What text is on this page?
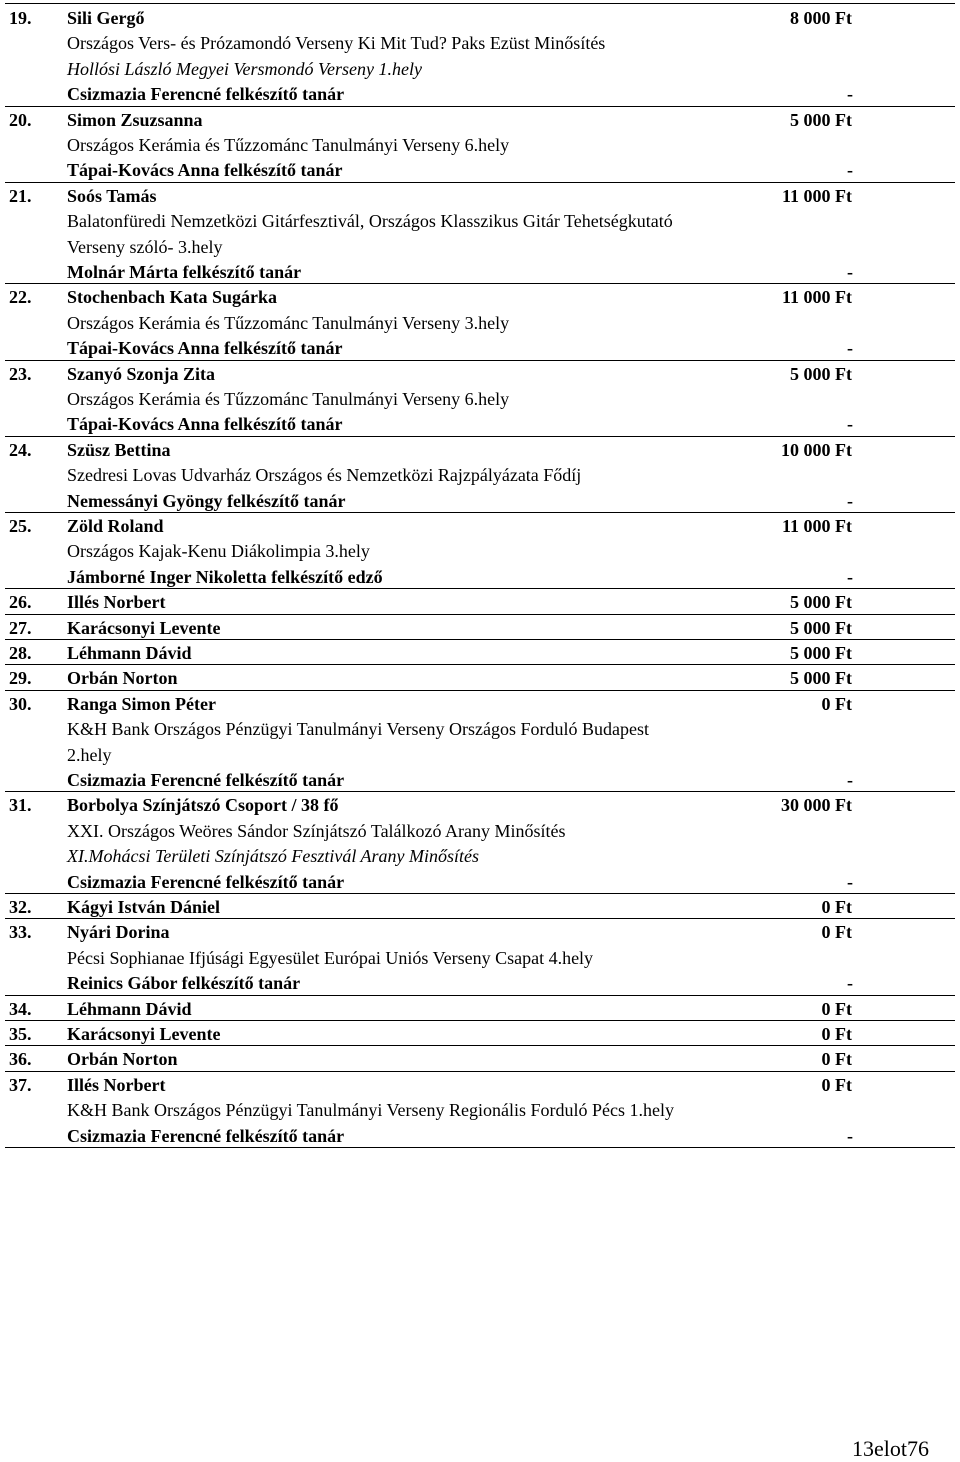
19. Sili Gergő	8 000 Ft
Országos Vers- és Prózamondó Verseny Ki Mit Tud? Paks Ezüst Minősítés
Hollósi László Megyei Versmondó Verseny 1.hely
Csizmazia Ferencné felkészítő tanár	-
20. Simon Zsuzsanna	5 000 Ft
Országos Kerámia és Tűzzománc Tanulmányi Verseny 6.hely
Tápai-Kovács Anna felkészítő tanár	-
21. Soós Tamás	11 000 Ft
Balatonfüredi Nemzetközi Gitárfesztivál, Országos Klasszikus Gitár Tehetségkutató
Verseny szóló- 3.hely
Molnár Márta felkészítő tanár	-
22. Stochenbach Kata Sugárka	11 000 Ft
Országos Kerámia és Tűzzománc Tanulmányi Verseny 3.hely
Tápai-Kovács Anna felkészítő tanár	-
23. Szanyó Szonja Zita	5 000 Ft
Országos Kerámia és Tűzzománc Tanulmányi Verseny 6.hely
Tápai-Kovács Anna felkészítő tanár	-
24. Szüsz Bettina	10 000 Ft
Szedresi Lovas Udvarház Országos és Nemzetközi Rajzpályázata Fődíj
Nemessányi Gyöngy felkészítő tanár	-
25. Zöld Roland	11 000 Ft
Országos Kajak-Kenu Diákolimpia 3.hely
Jámborné Inger Nikoletta felkészítő edző	-
26. Illés Norbert	5 000 Ft
27. Karácsonyi Levente	5 000 Ft
28. Léhmann Dávid	5 000 Ft
29. Orbán Norton	5 000 Ft
30. Ranga Simon Péter	0 Ft
K&H Bank Országos Pénzügyi Tanulmányi Verseny Országos Forduló Budapest
2.hely
Csizmazia Ferencné felkészítő tanár	-
31. Borbolya Színjátszó Csoport / 38 fő	30 000 Ft
XXI. Országos Weöres Sándor Színjátszó Találkozó Arany Minősítés
XI.Mohácsi Területi Színjátszó Fesztivál Arany Minősítés
Csizmazia Ferencné felkészítő tanár	-
32. Kágyi István Dániel	0 Ft
33. Nyári Dorina	0 Ft
Pécsi Sophianae Ifjúsági Egyesület Európai Uniós Verseny Csapat 4.hely
Reinics Gábor felkészítő tanár	-
34. Léhmann Dávid	0 Ft
35. Karácsonyi Levente	0 Ft
36. Orbán Norton	0 Ft
37. Illés Norbert	0 Ft
K&H Bank Országos Pénzügyi Tanulmányi Verseny Regionális Forduló Pécs 1.hely
Csizmazia Ferencné felkészítő tanár	-
13elot76
